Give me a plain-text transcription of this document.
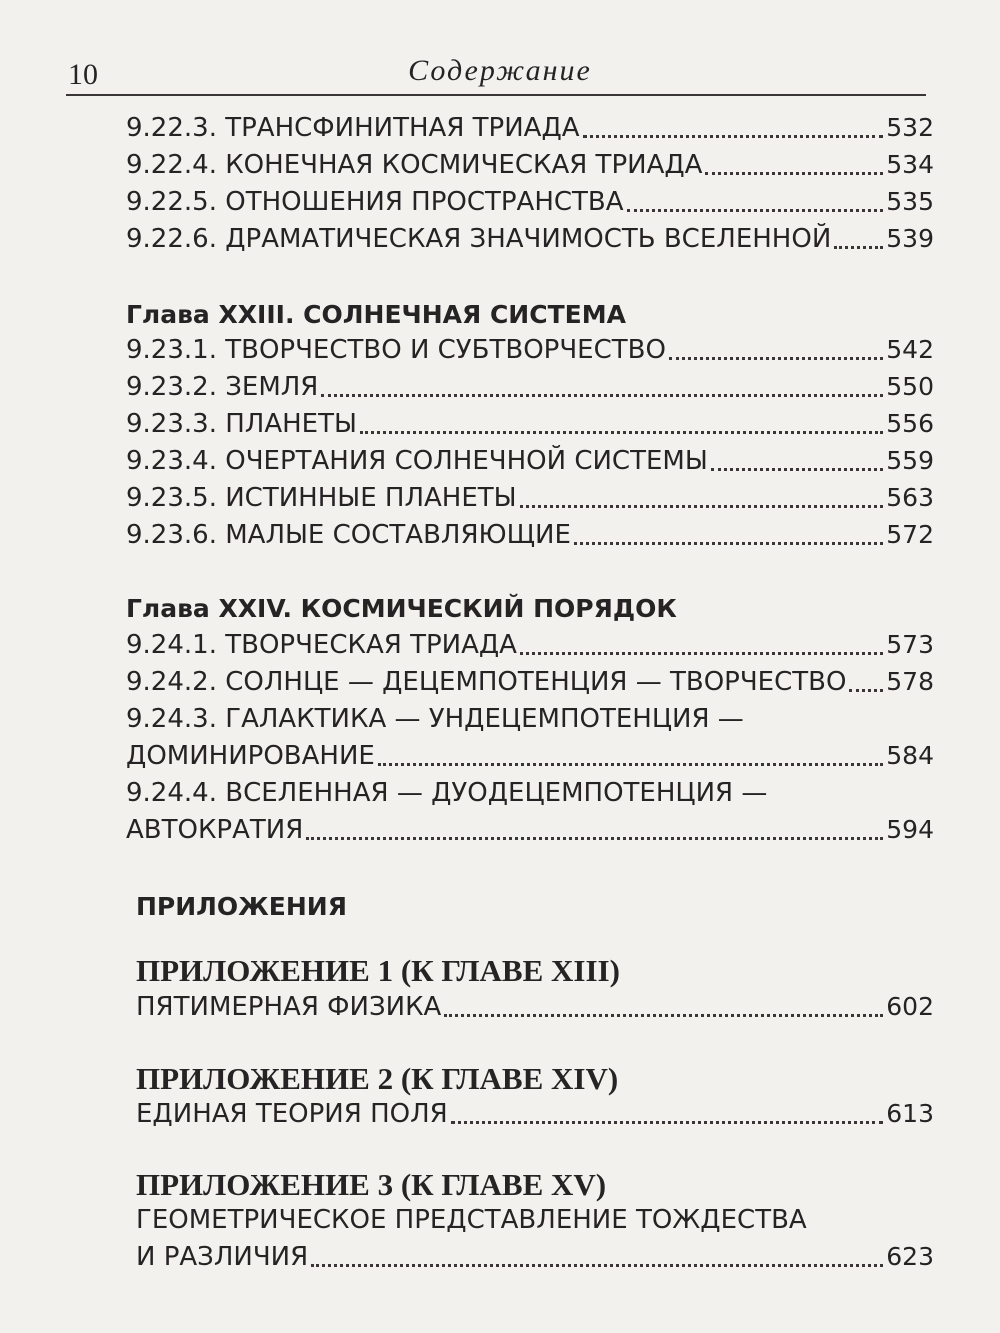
10	Содержание
9.22.3. ТРАНСФИНИТНАЯ ТРИАДА	532
9.22.4. КОНЕЧНАЯ КОСМИЧЕСКАЯ ТРИАДА	534
9.22.5. ОТНОШЕНИЯ ПРОСТРАНСТВА	535
9.22.6. ДРАМАТИЧЕСКАЯ ЗНАЧИМОСТЬ ВСЕЛЕННОЙ 539
Глава XXIII. СОЛНЕЧНАЯ СИСТЕМА
9.23.1. ТВОРЧЕСТВО И СУБТВОРЧЕСТВО	542
9.23.2. ЗЕМЛЯ	550
9.23.3. ПЛАНЕТЫ	556
9.23.4. ОЧЕРТАНИЯ СОЛНЕЧНОЙ СИСТЕМЫ	559
9.23.5. ИСТИННЫЕ ПЛАНЕТЫ	563
9.23.6. МАЛЫЕ СОСТАВЛЯЮЩИЕ	572
Глава XXIV. КОСМИЧЕСКИЙ ПОРЯДОК
9.24.1. ТВОРЧЕСКАЯ ТРИАДА	573
9.24.2. СОЛНЦЕ — ДЕЦЕМПОТЕНЦИЯ — ТВОРЧЕСТВО 578
9.24.3. ГАЛАКТИКА — УНДЕЦЕМПОТЕНЦИЯ —
ДОМИНИРОВАНИЕ	584
9.24.4. ВСЕЛЕННАЯ — ДУОДЕЦЕМПОТЕНЦИЯ —
АВТОКРАТИЯ	594
ПРИЛОЖЕНИЯ
ПРИЛОЖЕНИЕ 1 (К ГЛАВЕ XIII)
ПЯТИМЕРНАЯ ФИЗИКА	602
ПРИЛОЖЕНИЕ 2 (К ГЛАВЕ XIV)
ЕДИНАЯ ТЕОРИЯ ПОЛЯ	613
ПРИЛОЖЕНИЕ 3 (К ГЛАВЕ XV)
ГЕОМЕТРИЧЕСКОЕ ПРЕДСТАВЛЕНИЕ ТОЖДЕСТВА
И РАЗЛИЧИЯ	623
